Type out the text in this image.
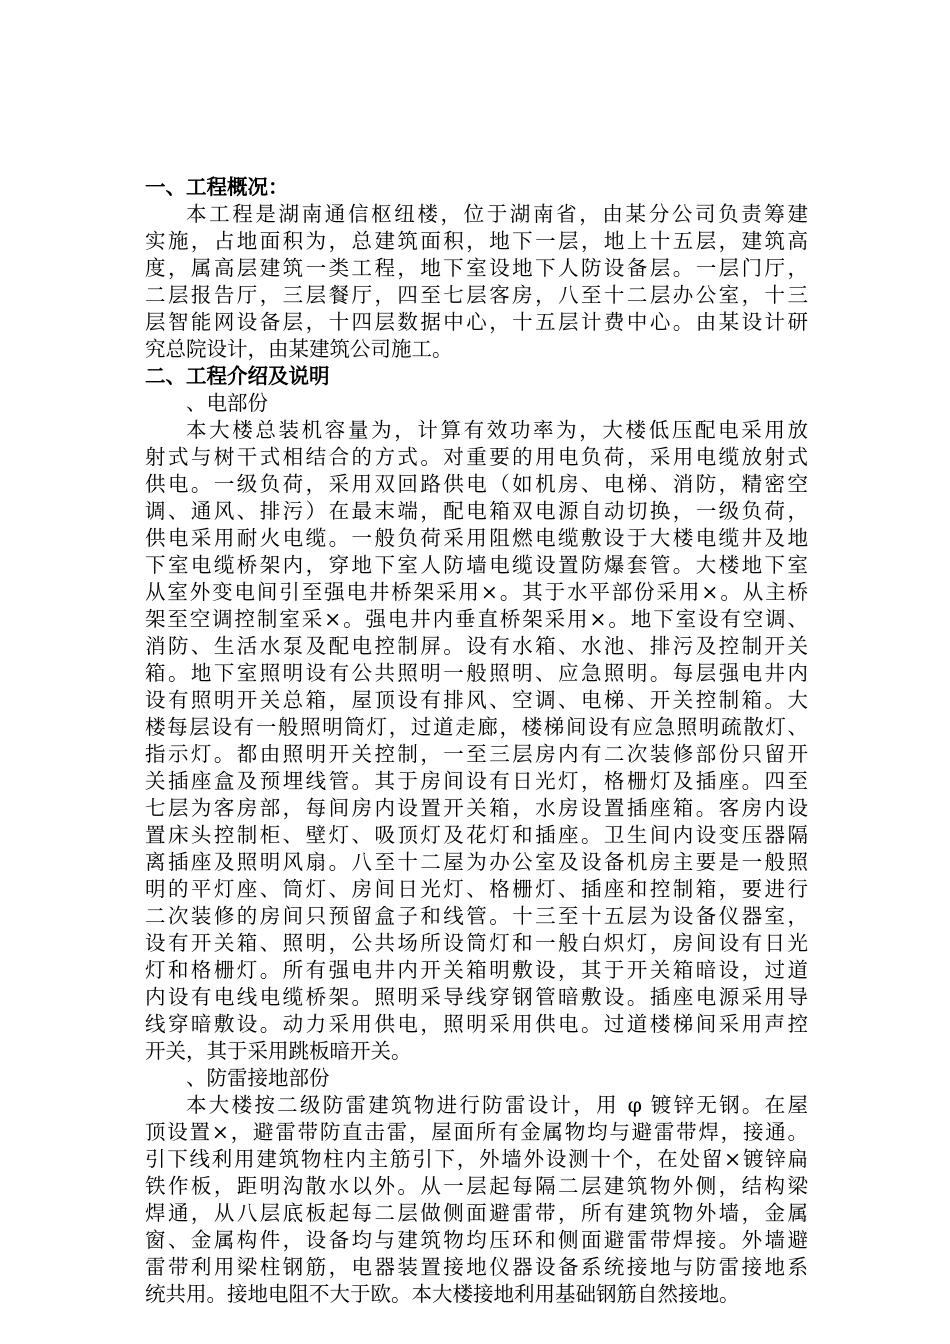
一、工程概况：
本工程是湖南通信枢纽楼，位于湖南省，由某分公司负责筹建
实施，占地面积为，总建筑面积，地下一层，地上十五层，建筑高
度，属高层建筑一类工程，地下室设地下人防设备层。一层门厅，
二层报告厅，三层餐厅，四至七层客房，八至十二层办公室，十三
层智能网设备层，十四层数据中心，十五层计费中心。由某设计研
究总院设计，由某建筑公司施工。
二、工程介绍及说明
、电部份
本大楼总装机容量为，计算有效功率为，大楼低压配电采用放
射式与树干式相结合的方式。对重要的用电负荷，采用电缆放射式
供电。一级负荷，采用双回路供电（如机房、电梯、消防，精密空
调、通风、排污）在最末端，配电箱双电源自动切换，一级负荷，
供电采用耐火电缆。一般负荷采用阻燃电缆敷设于大楼电缆井及地
下室电缆桥架内，穿地下室人防墙电缆设置防爆套管。大楼地下室
从室外变电间引至强电井桥架采用×。其于水平部份采用×。从主桥
架至空调控制室采×。强电井内垂直桥架采用×。地下室设有空调、
消防、生活水泵及配电控制屏。设有水箱、水池、排污及控制开关
箱。地下室照明设有公共照明一般照明、应急照明。每层强电井内
设有照明开关总箱，屋顶设有排风、空调、电梯、开关控制箱。大
楼每层设有一般照明筒灯，过道走廊，楼梯间设有应急照明疏散灯、
指示灯。都由照明开关控制，一至三层房内有二次装修部份只留开
关插座盒及预埋线管。其于房间设有日光灯，格栅灯及插座。四至
七层为客房部，每间房内设置开关箱，水房设置插座箱。客房内设
置床头控制柜、壁灯、吸顶灯及花灯和插座。卫生间内设变压器隔
离插座及照明风扇。八至十二屋为办公室及设备机房主要是一般照
明的平灯座、筒灯、房间日光灯、格栅灯、插座和控制箱，要进行
二次装修的房间只预留盒子和线管。十三至十五层为设备仪器室，
设有开关箱、照明，公共场所设筒灯和一般白炽灯，房间设有日光
灯和格栅灯。所有强电井内开关箱明敷设，其于开关箱暗设，过道
内设有电线电缆桥架。照明采导线穿钢管暗敷设。插座电源采用导
线穿暗敷设。动力采用供电，照明采用供电。过道楼梯间采用声控
开关，其于采用跳板暗开关。
、防雷接地部份
本大楼按二级防雷建筑物进行防雷设计，用 φ 镀锌无钢。在屋
顶设置×，避雷带防直击雷，屋面所有金属物均与避雷带焊，接通。
引下线利用建筑物柱内主筋引下，外墙外设测十个，在处留×镀锌扁
铁作板，距明沟散水以外。从一层起每隔二层建筑物外侧，结构梁
焊通，从八层底板起每二层做侧面避雷带，所有建筑物外墙，金属
窗、金属构件，设备均与建筑物均压环和侧面避雷带焊接。外墙避
雷带利用梁柱钢筋，电器装置接地仪器设备系统接地与防雷接地系
统共用。接地电阻不大于欧。本大楼接地利用基础钢筋自然接地。
